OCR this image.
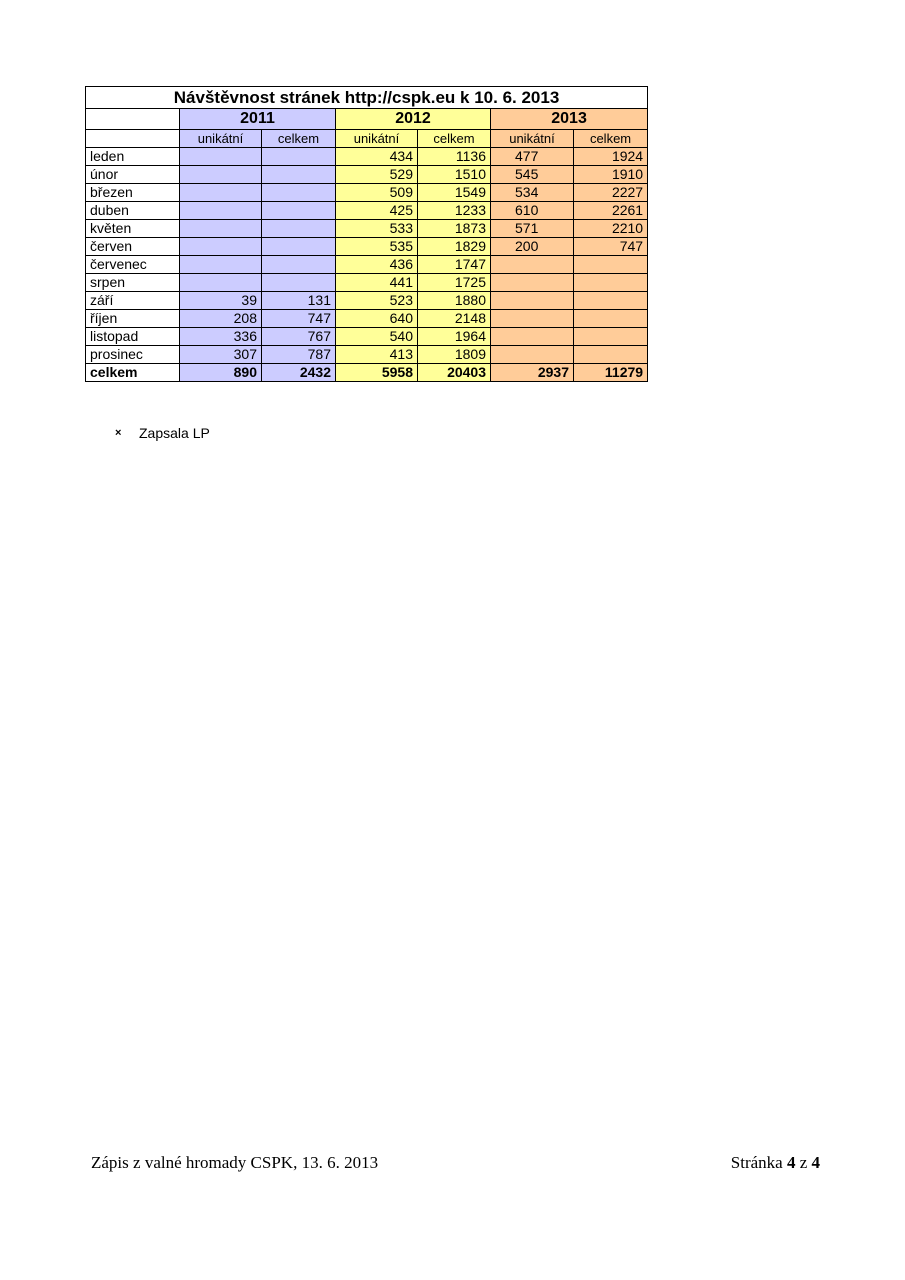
Návštěvnost stránek http://cspk.eu k 10. 6. 2013						
	2011		2012		2013	
	unikátní	celkem	unikátní	celkem	unikátní	celkem
leden			434	1136	477	1924
únor			529	1510	545	1910
březen			509	1549	534	2227
duben			425	1233	610	2261
květen			533	1873	571	2210
červen			535	1829	200	747
červenec			436	1747		
srpen			441	1725		
září	39	131	523	1880		
říjen	208	747	640	2148		
listopad	336	767	540	1964		
prosinec	307	787	413	1809		
celkem	890	2432	5958	20403	2937	11279
×	Zapsala LP
Zápis z valné hromady CSPK, 13. 6. 2013	Stránka 4 z 4
